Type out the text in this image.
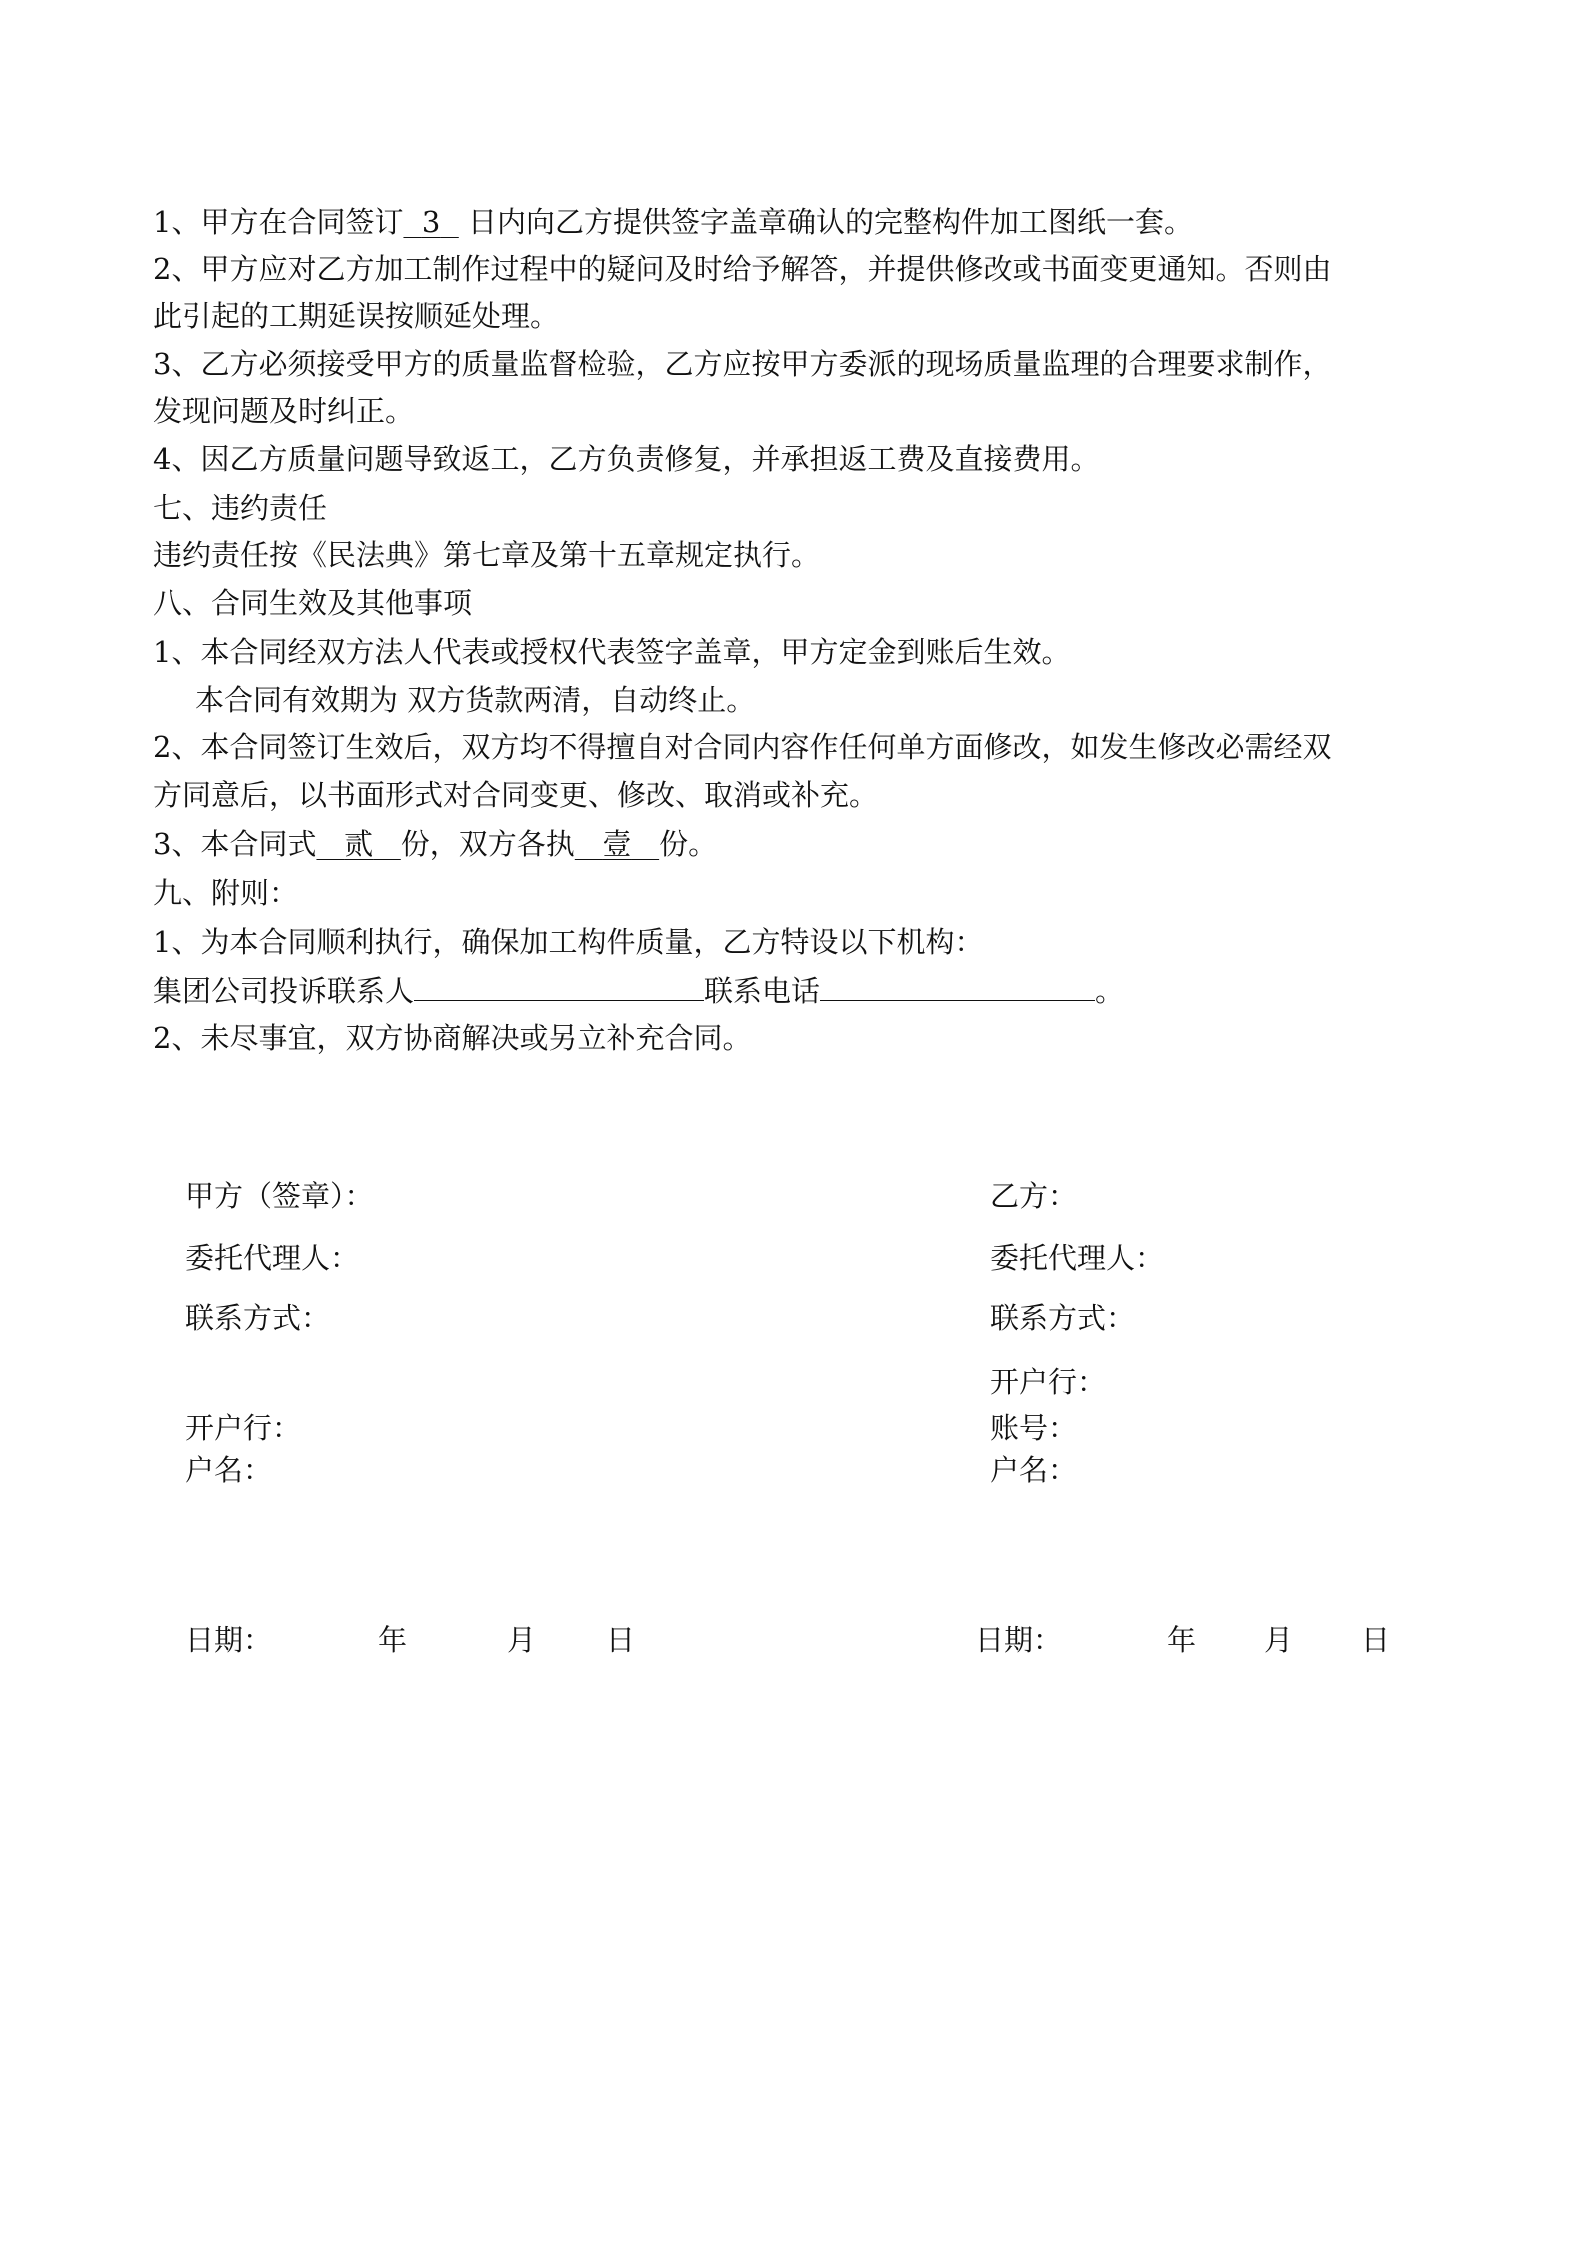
1、甲方在合同签订 3 日内向乙方提供签字盖章确认的完整构件加工图纸一套。
2、甲方应对乙方加工制作过程中的疑问及时给予解答，并提供修改或书面变更通知。否则由
此引起的工期延误按顺延处理。
3、乙方必须接受甲方的质量监督检验，乙方应按甲方委派的现场质量监理的合理要求制作，
发现问题及时纠正。
4、因乙方质量问题导致返工，乙方负责修复，并承担返工费及直接费用。
七、违约责任
违约责任按《民法典》第七章及第十五章规定执行。
八、合同生效及其他事项
1、本合同经双方法人代表或授权代表签字盖章，甲方定金到账后生效。
本合同有效期为 双方货款两清，自动终止。
2、本合同签订生效后，双方均不得擅自对合同内容作任何单方面修改，如发生修改必需经双
方同意后，以书面形式对合同变更、修改、取消或补充。
3、本合同式 贰 份，双方各执 壹 份。
九、附则：
1、为本合同顺利执行，确保加工构件质量，乙方特设以下机构：
集团公司投诉联系人	联系电话	。
2、未尽事宜，双方协商解决或另立补充合同。
甲方（签章）：
委托代理人：
联系方式：
开户行：
户名：
日期：	年	月 日
乙方：
委托代理人：
联系方式：
开户行：
账号：
户名：
日期：	年 月 日
